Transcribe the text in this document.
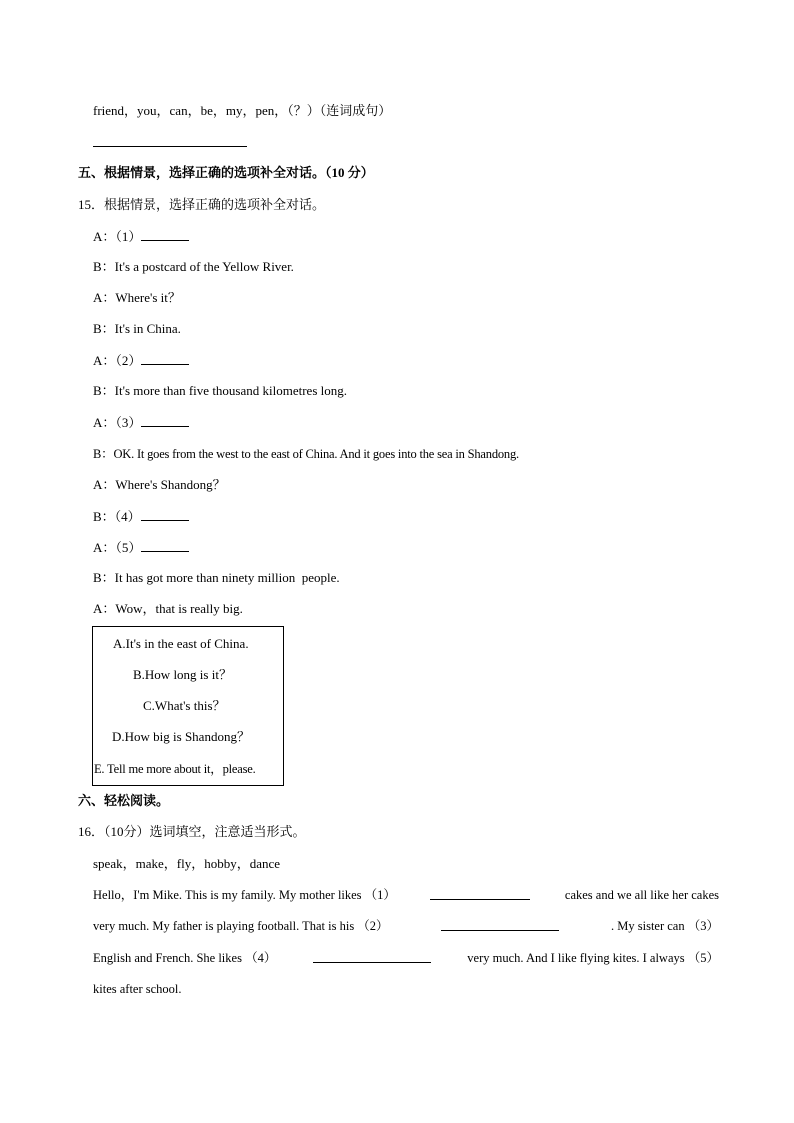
friend，you，can，be，my，pen，（？）（连词成句）
五、根据情景，选择正确的选项补全对话。（10 分）
15．根据情景，选择正确的选项补全对话。
A：（1）
B：It's a postcard of the Yellow River.
A：Where's it？
B：It's in China.
A：（2）
B：It's more than five thousand kilometres long.
A：（3）
B：OK. It goes from the west to the east of China. And it goes into the sea in Shandong.
A：Where's Shandong？
B：（4）
A：（5）
B：It has got more than ninety million  people.
A：Wow，that is really big.
A.It's in the east of China.
B.How long is it？
C.What's this？
D.How big is Shandong？
E. Tell me more about it，please.
六、轻松阅读。
16．（10分）选词填空，注意适当形式。
speak，make，fly，hobby，dance
Hello，I'm Mike. This is my family. My mother likes （1）	cakes and we all like her cakes
very much. My father is playing football. That is his （2）	. My sister can （3）
English and French. She likes （4）	very much. And I like flying kites. I always （5）
kites after school.
